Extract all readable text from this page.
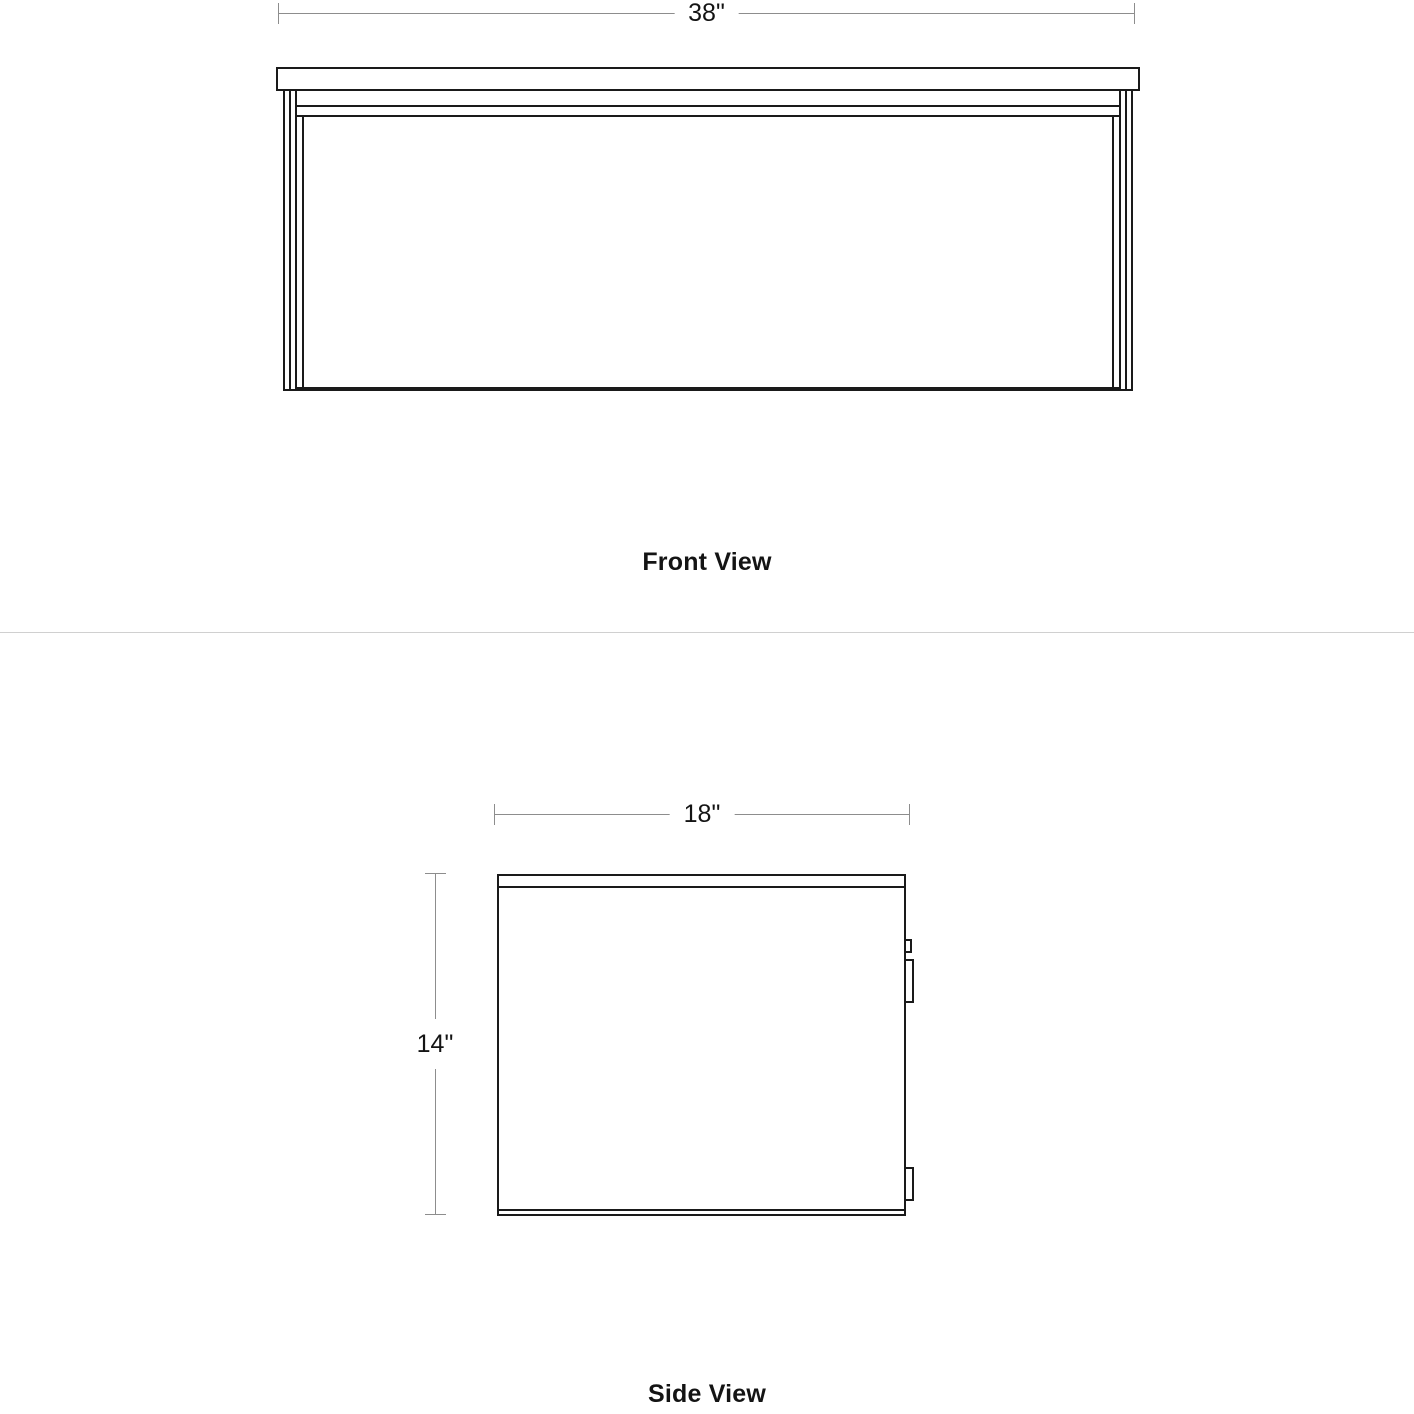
38"
Front View
18"
14"
Side View
